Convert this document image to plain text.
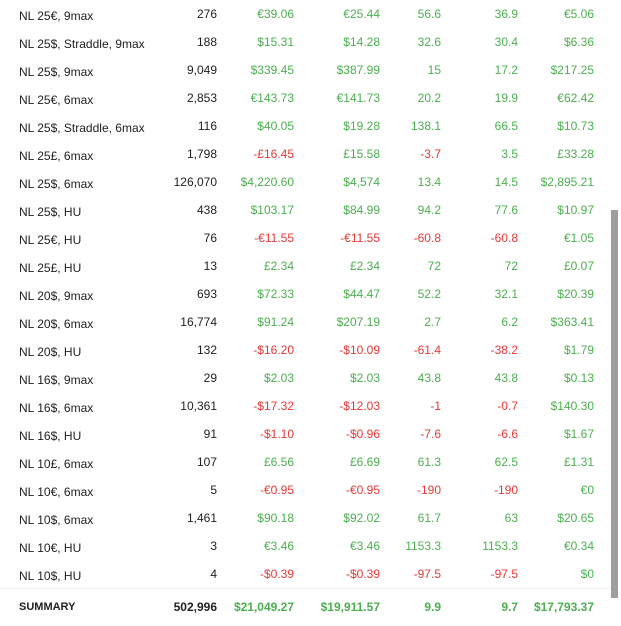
NL 25€, 9max	276	€39.06	€25.44	56.6	36.9	€5.06	
NL 25$, Straddle, 9max	188	$15.31	$14.28	32.6	30.4	$6.36	
NL 25$, 9max	9,049	$339.45	$387.99	15	17.2	$217.25	
NL 25€, 6max	2,853	€143.73	€141.73	20.2	19.9	€62.42	
NL 25$, Straddle, 6max	116	$40.05	$19.28	138.1	66.5	$10.73	
NL 25£, 6max	1,798	-£16.45	£15.58	-3.7	3.5	£33.28	
NL 25$, 6max	126,070	$4,220.60	$4,574	13.4	14.5	$2,895.21	
NL 25$, HU	438	$103.17	$84.99	94.2	77.6	$10.97	
NL 25€, HU	76	-€11.55	-€11.55	-60.8	-60.8	€1.05	
NL 25£, HU	13	£2.34	£2.34	72	72	£0.07	
NL 20$, 9max	693	$72.33	$44.47	52.2	32.1	$20.39	
NL 20$, 6max	16,774	$91.24	$207.19	2.7	6.2	$363.41	
NL 20$, HU	132	-$16.20	-$10.09	-61.4	-38.2	$1.79	
NL 16$, 9max	29	$2.03	$2.03	43.8	43.8	$0.13	
NL 16$, 6max	10,361	-$17.32	-$12.03	-1	-0.7	$140.30	
NL 16$, HU	91	-$1.10	-$0.96	-7.6	-6.6	$1.67	
NL 10£, 6max	107	£6.56	£6.69	61.3	62.5	£1.31	
NL 10€, 6max	5	-€0.95	-€0.95	-190	-190	€0	
NL 10$, 6max	1,461	$90.18	$92.02	61.7	63	$20.65	
NL 10€, HU	3	€3.46	€3.46	1153.3	1153.3	€0.34	
NL 10$, HU	4	-$0.39	-$0.39	-97.5	-97.5	$0	
SUMMARY	502,996	$21,049.27	$19,911.57	9.9	9.7	$17,793.37	
